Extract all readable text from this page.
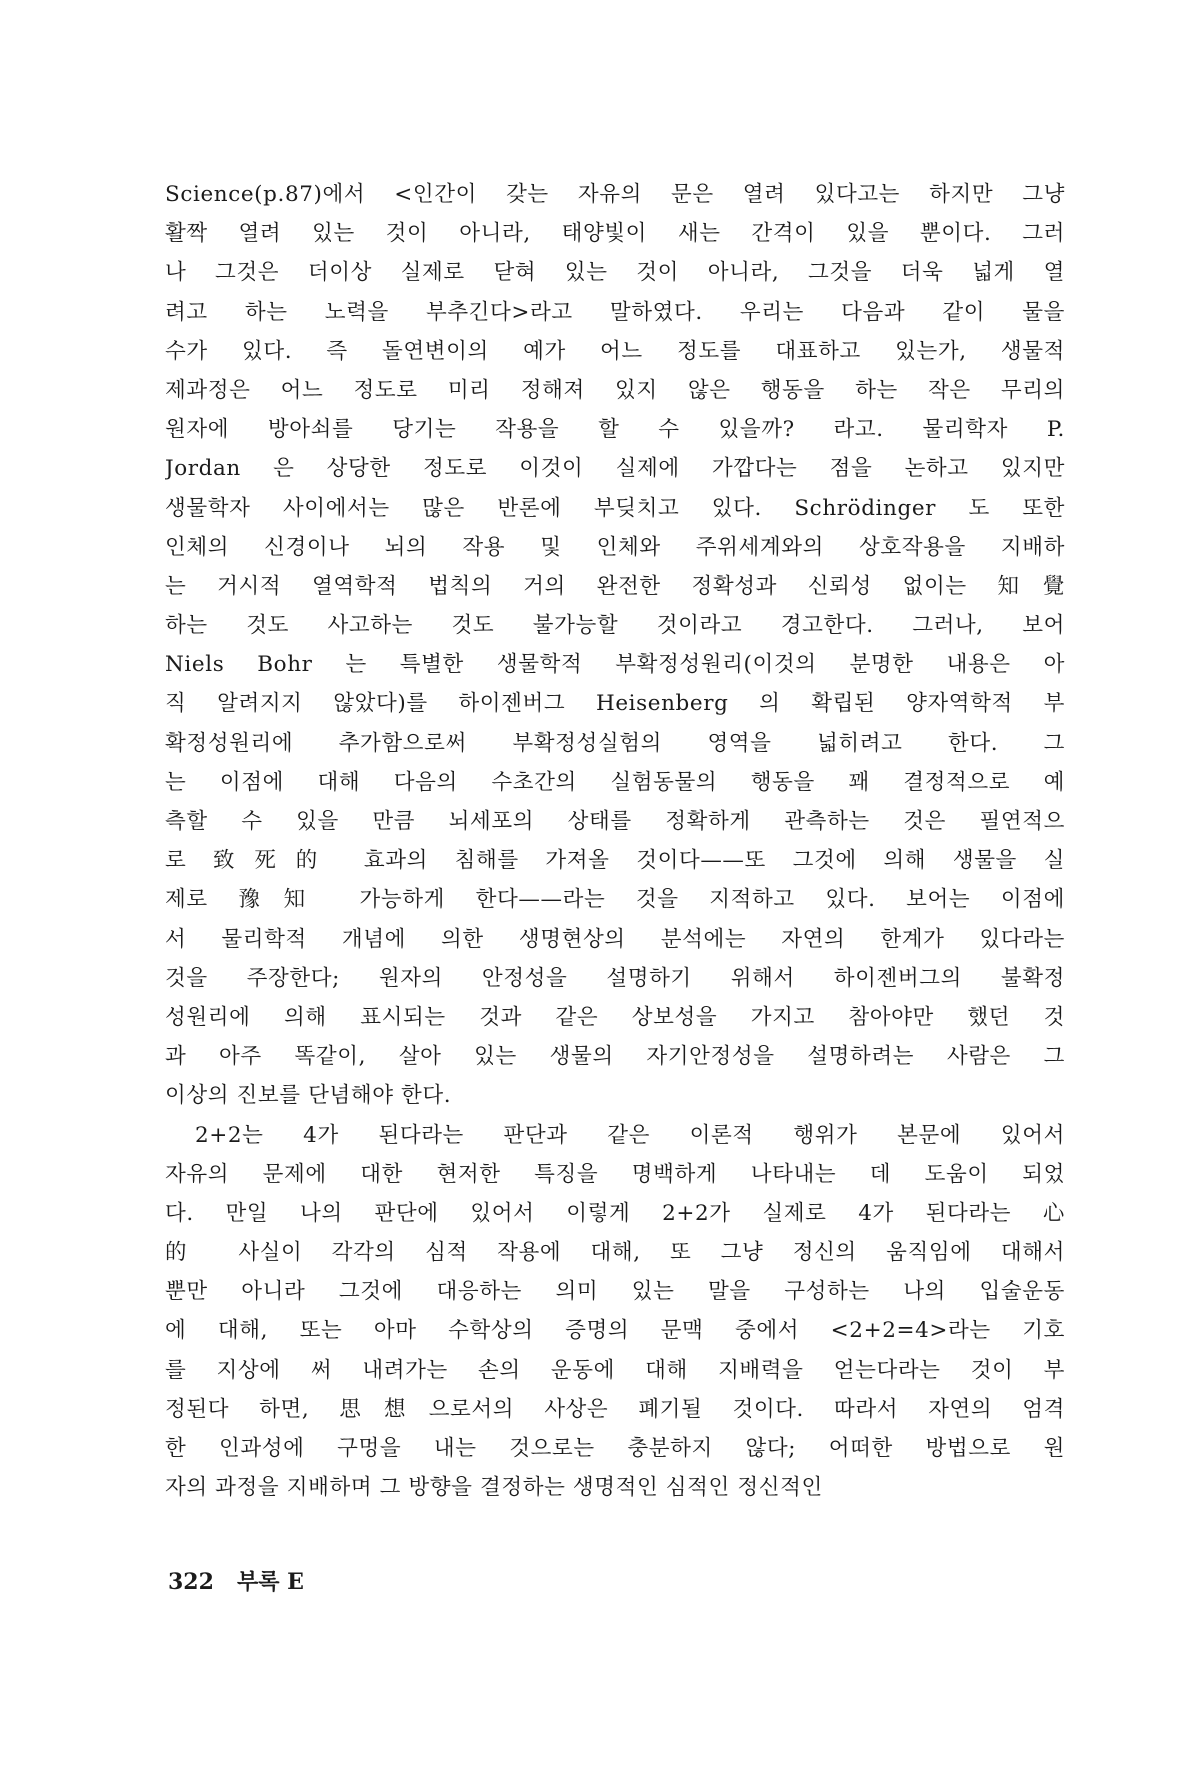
Science(p.87)에서 <인간이 갖는 자유의 문은 열려 있다고는 하지만 그냥
활짝 열려 있는 것이 아니라, 태양빛이 새는 간격이 있을 뿐이다. 그러
나 그것은 더이상 실제로 닫혀 있는 것이 아니라, 그것을 더욱 넓게 열
려고 하는 노력을 부추긴다>라고 말하였다. 우리는 다음과 같이 물을
수가 있다. 즉 돌연변이의 예가 어느 정도를 대표하고 있는가, 생물적
제과정은 어느 정도로 미리 정해져 있지 않은 행동을 하는 작은 무리의
원자에 방아쇠를 당기는 작용을 할 수 있을까? 라고. 물리학자 P.
Jordan 은 상당한 정도로 이것이 실제에 가깝다는 점을 논하고 있지만
생물학자 사이에서는 많은 반론에 부딪치고 있다. Schrödinger 도 또한
인체의 신경이나 뇌의 작용 및 인체와 주위세계와의 상호작용을 지배하
는 거시적 열역학적 법칙의 거의 완전한 정확성과 신뢰성 없이는 知覺
하는 것도 사고하는 것도 불가능할 것이라고 경고한다. 그러나, 보어
Niels Bohr 는 특별한 생물학적 부확정성원리(이것의 분명한 내용은 아
직 알려지지 않았다)를 하이젠버그 Heisenberg 의 확립된 양자역학적 부
확정성원리에 추가함으로써 부확정성실험의 영역을 넓히려고 한다. 그
는 이점에 대해 다음의 수초간의 실험동물의 행동을 꽤 결정적으로 예
측할 수 있을 만큼 뇌세포의 상태를 정확하게 관측하는 것은 필연적으
로 致死的 효과의 침해를 가져올 것이다——또 그것에 의해 생물을 실
제로 豫知 가능하게 한다——라는 것을 지적하고 있다. 보어는 이점에
서 물리학적 개념에 의한 생명현상의 분석에는 자연의 한계가 있다라는
것을 주장한다; 원자의 안정성을 설명하기 위해서 하이젠버그의 불확정
성원리에 의해 표시되는 것과 같은 상보성을 가지고 참아야만 했던 것
과 아주 똑같이, 살아 있는 생물의 자기안정성을 설명하려는 사람은 그
이상의 진보를 단념해야 한다.
2+2는 4가 된다라는 판단과 같은 이론적 행위가 본문에 있어서
자유의 문제에 대한 현저한 특징을 명백하게 나타내는 데 도움이 되었
다. 만일 나의 판단에 있어서 이렇게 2+2가 실제로 4가 된다라는 心
的 사실이 각각의 심적 작용에 대해, 또 그냥 정신의 움직임에 대해서
뿐만 아니라 그것에 대응하는 의미 있는 말을 구성하는 나의 입술운동
에 대해, 또는 아마 수학상의 증명의 문맥 중에서 <2+2=4>라는 기호
를 지상에 써 내려가는 손의 운동에 대해 지배력을 얻는다라는 것이 부
정된다 하면, 思想으로서의 사상은 폐기될 것이다. 따라서 자연의 엄격
한 인과성에 구멍을 내는 것으로는 충분하지 않다; 어떠한 방법으로 원
자의 과정을 지배하며 그 방향을 결정하는 생명적인 심적인 정신적인
322 부록 E
